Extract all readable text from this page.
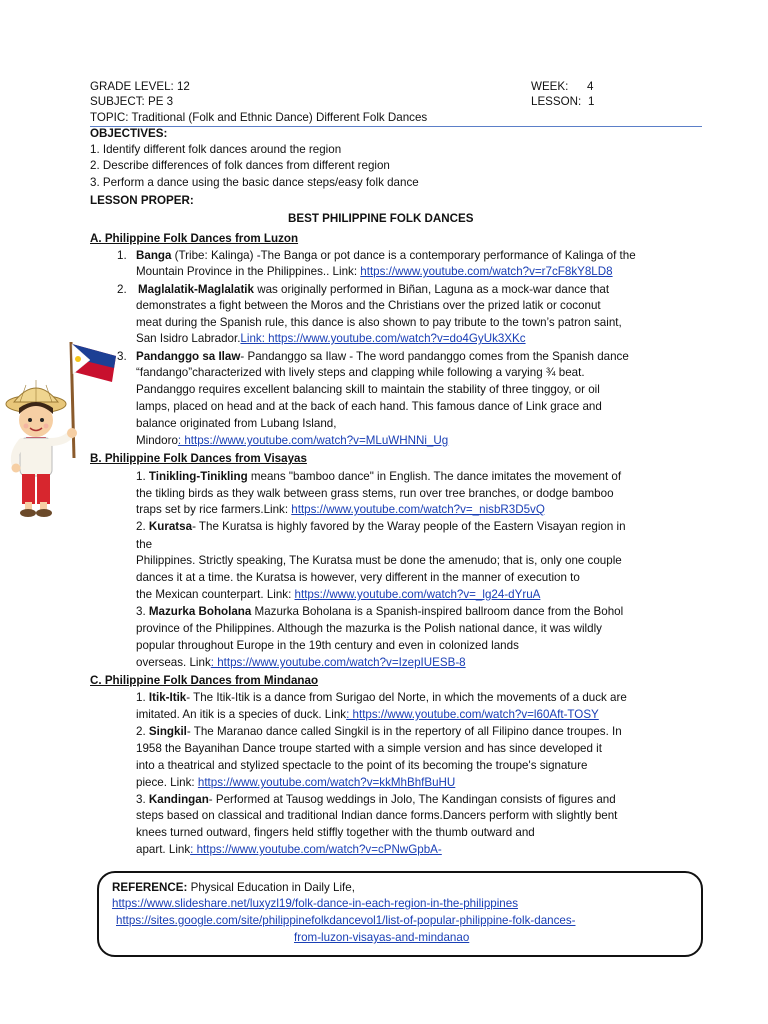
GRADE LEVEL: 12	WEEK: 4
SUBJECT: PE 3	LESSON: 1
TOPIC: Traditional (Folk and Ethnic Dance) Different Folk Dances
OBJECTIVES:
1. Identify different folk dances around the region
2. Describe differences of folk dances from different region
3. Perform a dance using the basic dance steps/easy folk dance
LESSON PROPER:
BEST PHILIPPINE FOLK DANCES
A. Philippine Folk Dances from Luzon
1. Banga (Tribe: Kalinga) -The Banga or pot dance is a contemporary performance of Kalinga of the
Mountain Province in the Philippines.. Link: https://www.youtube.com/watch?v=r7cF8kY8LD8
2. Maglalatik-Maglalatik was originally performed in Biñan, Laguna as a mock-war dance that
demonstrates a fight between the Moros and the Christians over the prized latik or coconut
meat during the Spanish rule, this dance is also shown to pay tribute to the town’s patron saint,
San Isidro Labrador.Link: https://www.youtube.com/watch?v=do4GyUk3XKc
3. Pandanggo sa Ilaw- Pandanggo sa Ilaw - The word pandanggo comes from the Spanish dance
“fandango”characterized with lively steps and clapping while following a varying ¾ beat.
Pandanggo requires excellent balancing skill to maintain the stability of three tinggoy, or oil
lamps, placed on head and at the back of each hand. This famous dance of Link grace and
balance originated from Lubang Island,
Mindoro: https://www.youtube.com/watch?v=MLuWHNNi_Ug
B. Philippine Folk Dances from Visayas
1. Tinikling-Tinikling means "bamboo dance" in English. The dance imitates the movement of
the tikling birds as they walk between grass stems, run over tree branches, or dodge bamboo
traps set by rice farmers.Link: https://www.youtube.com/watch?v=_nisbR3D5vQ
2. Kuratsa- The Kuratsa is highly favored by the Waray people of the Eastern Visayan region in
the
Philippines. Strictly speaking, The Kuratsa must be done the amenudo; that is, only one couple
dances it at a time. the Kuratsa is however, very different in the manner of execution to
the Mexican counterpart. Link: https://www.youtube.com/watch?v=_lg24-dYruA
3. Mazurka Boholana Mazurka Boholana is a Spanish-inspired ballroom dance from the Bohol
province of the Philippines. Although the mazurka is the Polish national dance, it was wildly
popular throughout Europe in the 19th century and even in colonized lands
overseas. Link: https://www.youtube.com/watch?v=IzepIUESB-8
C. Philippine Folk Dances from Mindanao
1. Itik-Itik- The Itik-Itik is a dance from Surigao del Norte, in which the movements of a duck are
imitated. An itik is a species of duck. Link: https://www.youtube.com/watch?v=l60Aft-TOSY
2. Singkil- The Maranao dance called Singkil is in the repertory of all Filipino dance troupes. In
1958 the Bayanihan Dance troupe started with a simple version and has since developed it
into a theatrical and stylized spectacle to the point of its becoming the troupe's signature
piece. Link: https://www.youtube.com/watch?v=kkMhBhfBuHU
3. Kandingan- Performed at Tausog weddings in Jolo, The Kandingan consists of figures and
steps based on classical and traditional Indian dance forms.Dancers perform with slightly bent
knees turned outward, fingers held stiffly together with the thumb outward and
apart. Link: https://www.youtube.com/watch?v=cPNwGpbA-
REFERENCE: Physical Education in Daily Life,
https://www.slideshare.net/luxyzl19/folk-dance-in-each-region-in-the-philippines
https://sites.google.com/site/philippinefolkdancevol1/list-of-popular-philippine-folk-dances-
from-luzon-visayas-and-mindanao
